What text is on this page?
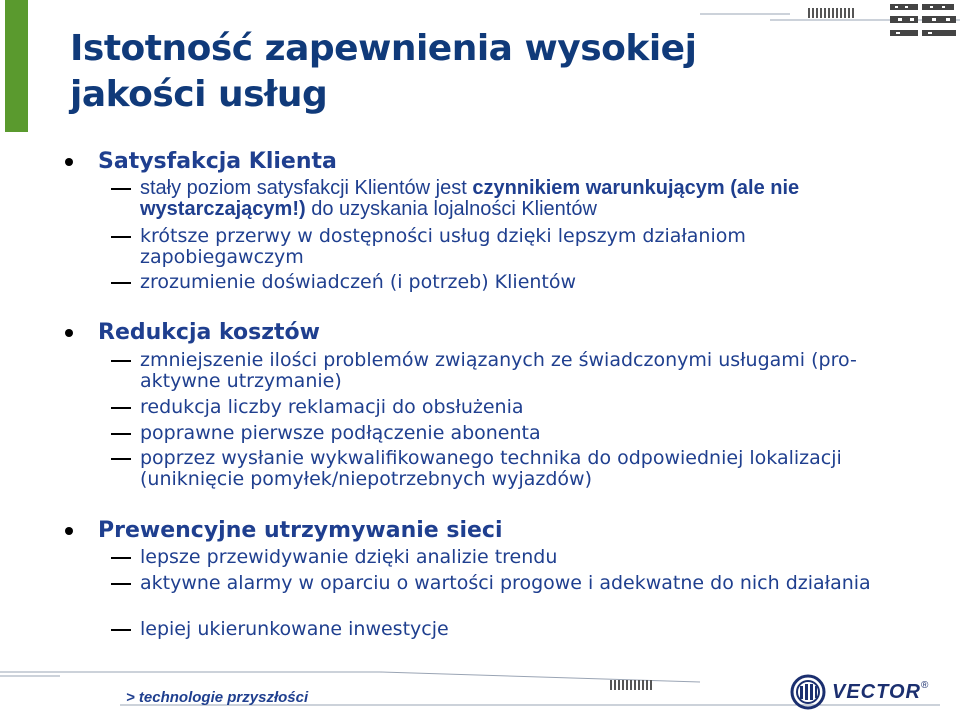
Istotność zapewnienia wysokiej jakości usług
Satysfakcja Klienta
stały poziom satysfakcji Klientów jest czynnikiem warunkującym (ale nie wystarczającym!) do uzyskania lojalności Klientów
krótsze przerwy w dostępności usług dzięki lepszym działaniom zapobiegawczym
zrozumienie doświadczeń (i potrzeb) Klientów
Redukcja kosztów
zmniejszenie ilości problemów związanych ze świadczonymi usługami (pro-aktywne utrzymanie)
redukcja liczby reklamacji do obsłużenia
poprawne pierwsze podłączenie abonenta
poprzez wysłanie wykwalifikowanego technika do odpowiedniej lokalizacji (uniknięcie pomyłek/niepotrzebnych wyjazdów)
Prewencyjne utrzymywanie sieci
lepsze przewidywanie dzięki analizie trendu
aktywne alarmy w oparciu o wartości progowe i adekwatne do nich działania
lepiej ukierunkowane inwestycje
> technologie przyszłości	VECTOR ®
